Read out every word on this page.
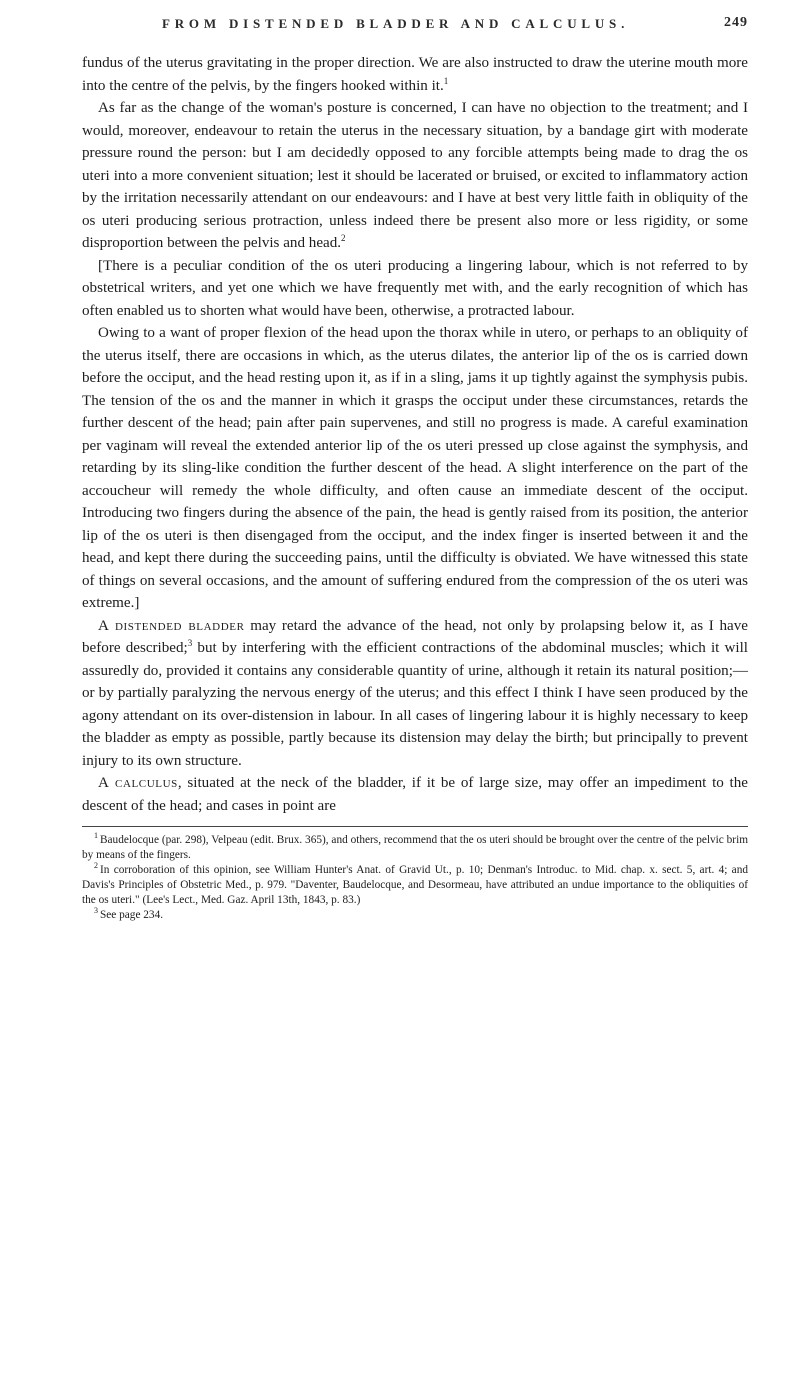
FROM DISTENDED BLADDER AND CALCULUS.	249

fundus of the uterus gravitating in the proper direction. We are also instructed to draw the uterine mouth more into the centre of the pelvis, by the fingers hooked within it.$^1$

As far as the change of the woman's posture is concerned, I can have no objection to the treatment; and I would, moreover, endeavour to retain the uterus in the necessary situation, by a bandage girt with moderate pressure round the person: but I am decidedly opposed to any forcible attempts being made to drag the os uteri into a more convenient situation; lest it should be lacerated or bruised, or excited to inflammatory action by the irritation necessarily attendant on our endeavours: and I have at best very little faith in obliquity of the os uteri producing serious protraction, unless indeed there be present also more or less rigidity, or some disproportion between the pelvis and head.$^2$

[There is a peculiar condition of the os uteri producing a lingering labour, which is not referred to by obstetrical writers, and yet one which we have frequently met with, and the early recognition of which has often enabled us to shorten what would have been, otherwise, a protracted labour.

Owing to a want of proper flexion of the head upon the thorax while in utero, or perhaps to an obliquity of the uterus itself, there are occasions in which, as the uterus dilates, the anterior lip of the os is carried down before the occiput, and the head resting upon it, as if in a sling, jams it up tightly against the symphysis pubis. The tension of the os and the manner in which it grasps the occiput under these circumstances, retards the further descent of the head; pain after pain supervenes, and still no progress is made. A careful examination per vaginam will reveal the extended anterior lip of the os uteri pressed up close against the symphysis, and retarding by its sling-like condition the further descent of the head. A slight interference on the part of the accoucheur will remedy the whole difficulty, and often cause an immediate descent of the occiput. Introducing two fingers during the absence of the pain, the head is gently raised from its position, the anterior lip of the os uteri is then disengaged from the occiput, and the index finger is inserted between it and the head, and kept there during the succeeding pains, until the difficulty is obviated. We have witnessed this state of things on several occasions, and the amount of suffering endured from the compression of the os uteri was extreme.]

A distended bladder may retard the advance of the head, not only by prolapsing below it, as I have before described;$^3$ but by interfering with the efficient contractions of the abdominal muscles; which it will assuredly do, provided it contains any considerable quantity of urine, although it retain its natural position;—or by partially paralyzing the nervous energy of the uterus; and this effect I think I have seen produced by the agony attendant on its over-distension in labour. In all cases of lingering labour it is highly necessary to keep the bladder as empty as possible, partly because its distension may delay the birth; but principally to prevent injury to its own structure.

A calculus, situated at the neck of the bladder, if it be of large size, may offer an impediment to the descent of the head; and cases in point are

$^1$ Baudelocque (par. 298), Velpeau (edit. Brux. 365), and others, recommend that the os uteri should be brought over the centre of the pelvic brim by means of the fingers.

$^2$ In corroboration of this opinion, see William Hunter's Anat. of Gravid Ut., p. 10; Denman's Introduc. to Mid. chap. x. sect. 5, art. 4; and Davis's Principles of Obstetric Med., p. 979. "Daventer, Baudelocque, and Desormeau, have attributed an undue importance to the obliquities of the os uteri." (Lee's Lect., Med. Gaz. April 13th, 1843, p. 83.)

$^3$ See page 234.
